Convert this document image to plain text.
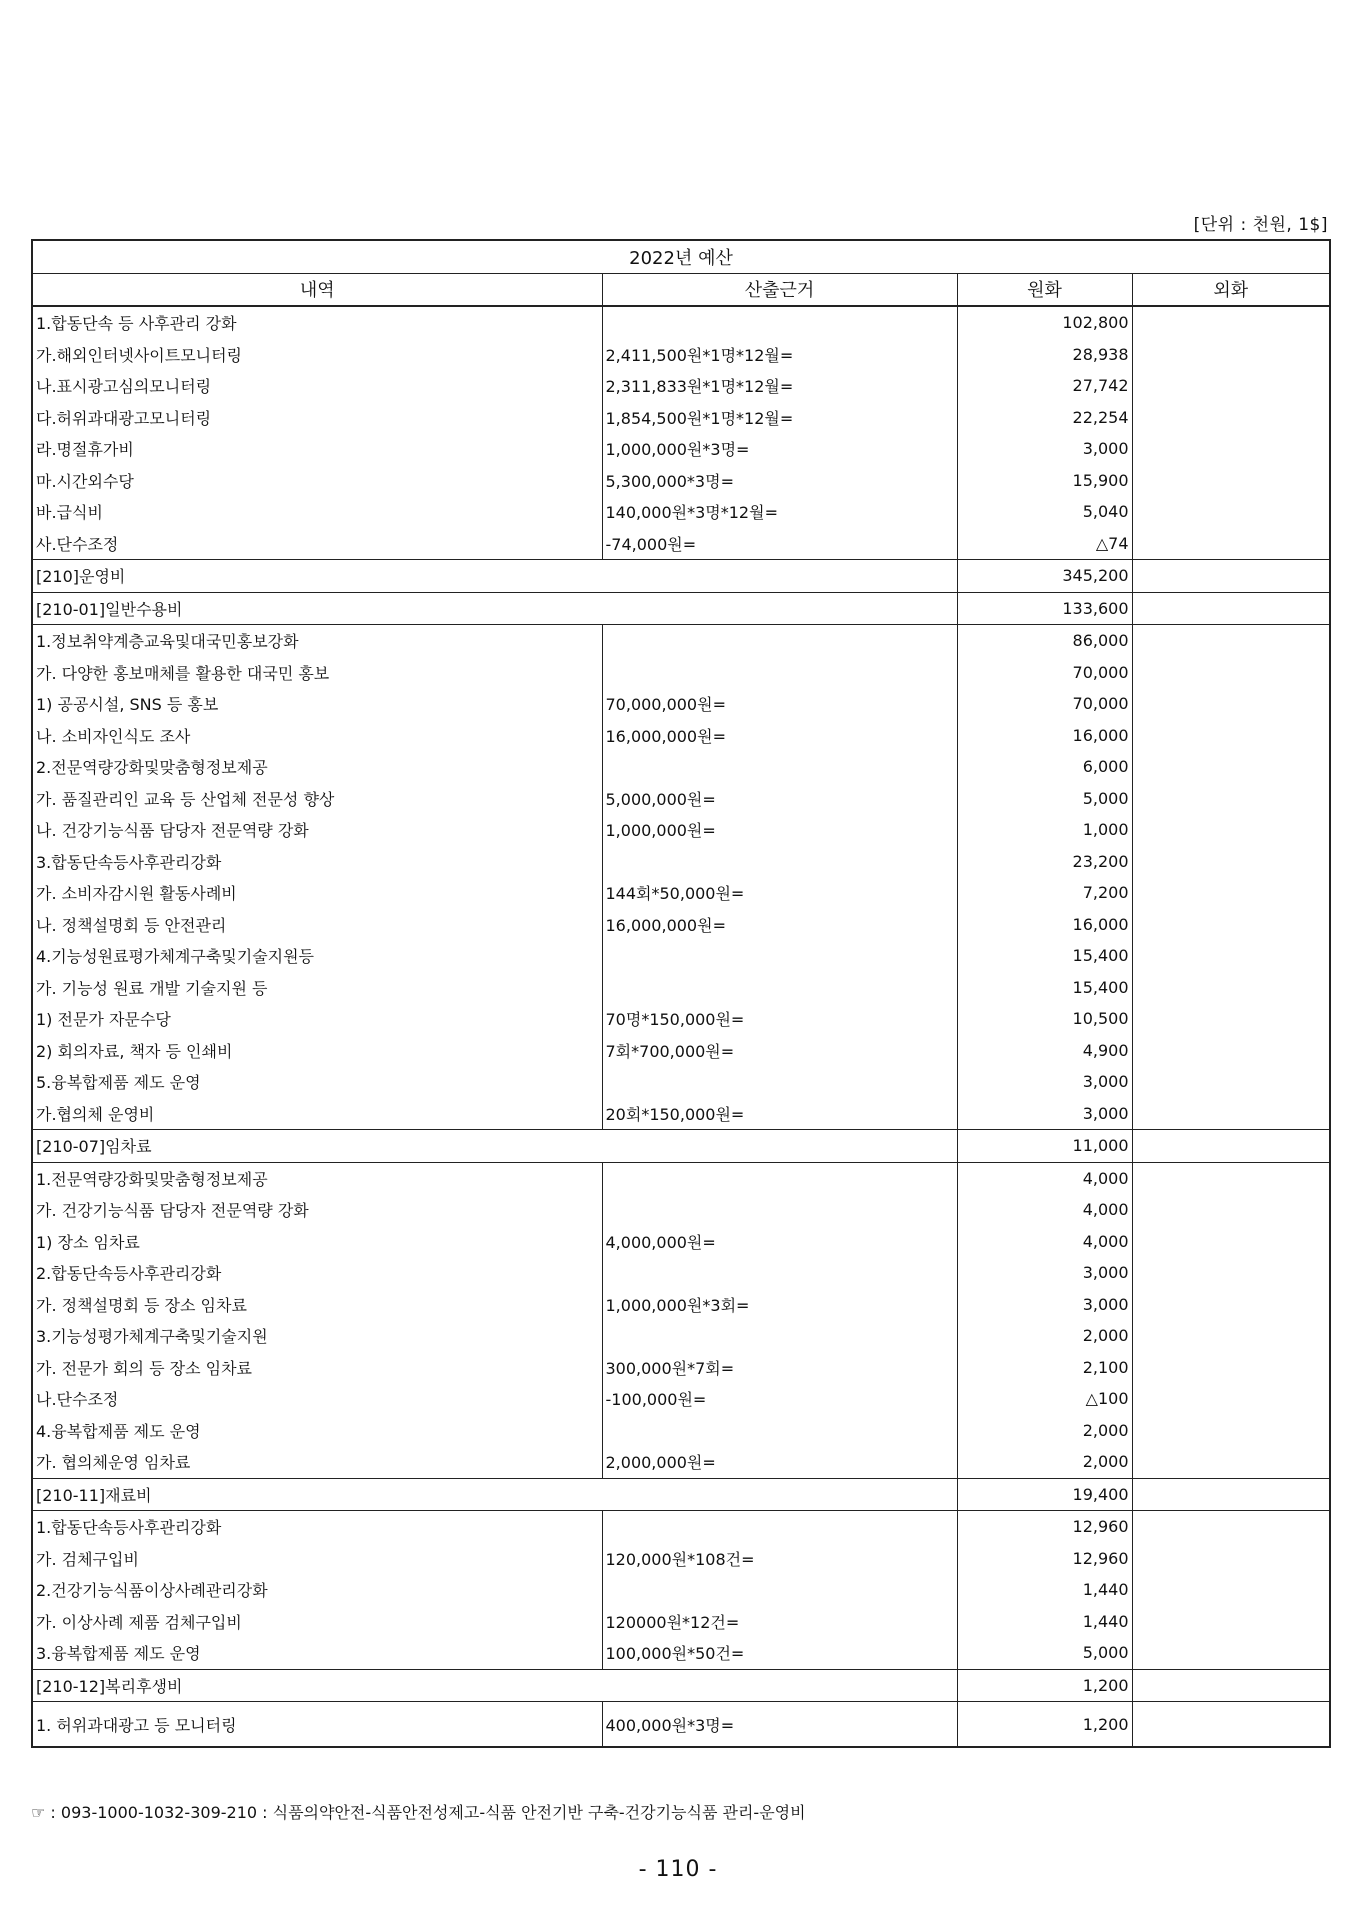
[단위 : 천원, 1$]
2022년 예산			
내역	산출근거	원화	외화
1.합동단속 등 사후관리 강화		102,800	
가.해외인터넷사이트모니터링	2,411,500원*1명*12월=	28,938	
나.표시광고심의모니터링	2,311,833원*1명*12월=	27,742	
다.허위과대광고모니터링	1,854,500원*1명*12월=	22,254	
라.명절휴가비	1,000,000원*3명=	3,000	
마.시간외수당	5,300,000*3명=	15,900	
바.급식비	140,000원*3명*12월=	5,040	
사.단수조정	-74,000원=	△74	
[210]운영비		345,200	
[210-01]일반수용비		133,600	
1.정보취약계층교육및대국민홍보강화		86,000	
가. 다양한 홍보매체를 활용한 대국민 홍보		70,000	
1) 공공시설, SNS 등 홍보	70,000,000원=	70,000	
나. 소비자인식도 조사	16,000,000원=	16,000	
2.전문역량강화및맞춤형정보제공		6,000	
가. 품질관리인 교육 등 산업체 전문성 향상	5,000,000원=	5,000	
나. 건강기능식품 담당자 전문역량 강화	1,000,000원=	1,000	
3.합동단속등사후관리강화		23,200	
가. 소비자감시원 활동사례비	144회*50,000원=	7,200	
나. 정책설명회 등 안전관리	16,000,000원=	16,000	
4.기능성원료평가체계구축및기술지원등		15,400	
가. 기능성 원료 개발 기술지원 등		15,400	
1) 전문가 자문수당	70명*150,000원=	10,500	
2) 회의자료, 책자 등 인쇄비	7회*700,000원=	4,900	
5.융복합제품 제도 운영		3,000	
가.협의체 운영비	20회*150,000원=	3,000	
[210-07]임차료		11,000	
1.전문역량강화및맞춤형정보제공		4,000	
가. 건강기능식품 담당자 전문역량 강화		4,000	
1) 장소 임차료	4,000,000원=	4,000	
2.합동단속등사후관리강화		3,000	
가. 정책설명회 등 장소 임차료	1,000,000원*3회=	3,000	
3.기능성평가체계구축및기술지원		2,000	
가. 전문가 회의 등 장소 임차료	300,000원*7회=	2,100	
나.단수조정	-100,000원=	△100	
4.융복합제품 제도 운영		2,000	
가. 협의체운영 임차료	2,000,000원=	2,000	
[210-11]재료비		19,400	
1.합동단속등사후관리강화		12,960	
가. 검체구입비	120,000원*108건=	12,960	
2.건강기능식품이상사례관리강화		1,440	
가. 이상사례 제품 검체구입비	120000원*12건=	1,440	
3.융복합제품 제도 운영	100,000원*50건=	5,000	
[210-12]복리후생비		1,200	
1. 허위과대광고 등 모니터링	400,000원*3명=	1,200	
☞ : 093-1000-1032-309-210 : 식품의약안전-식품안전성제고-식품 안전기반 구축-건강기능식품 관리-운영비
- 110 -
